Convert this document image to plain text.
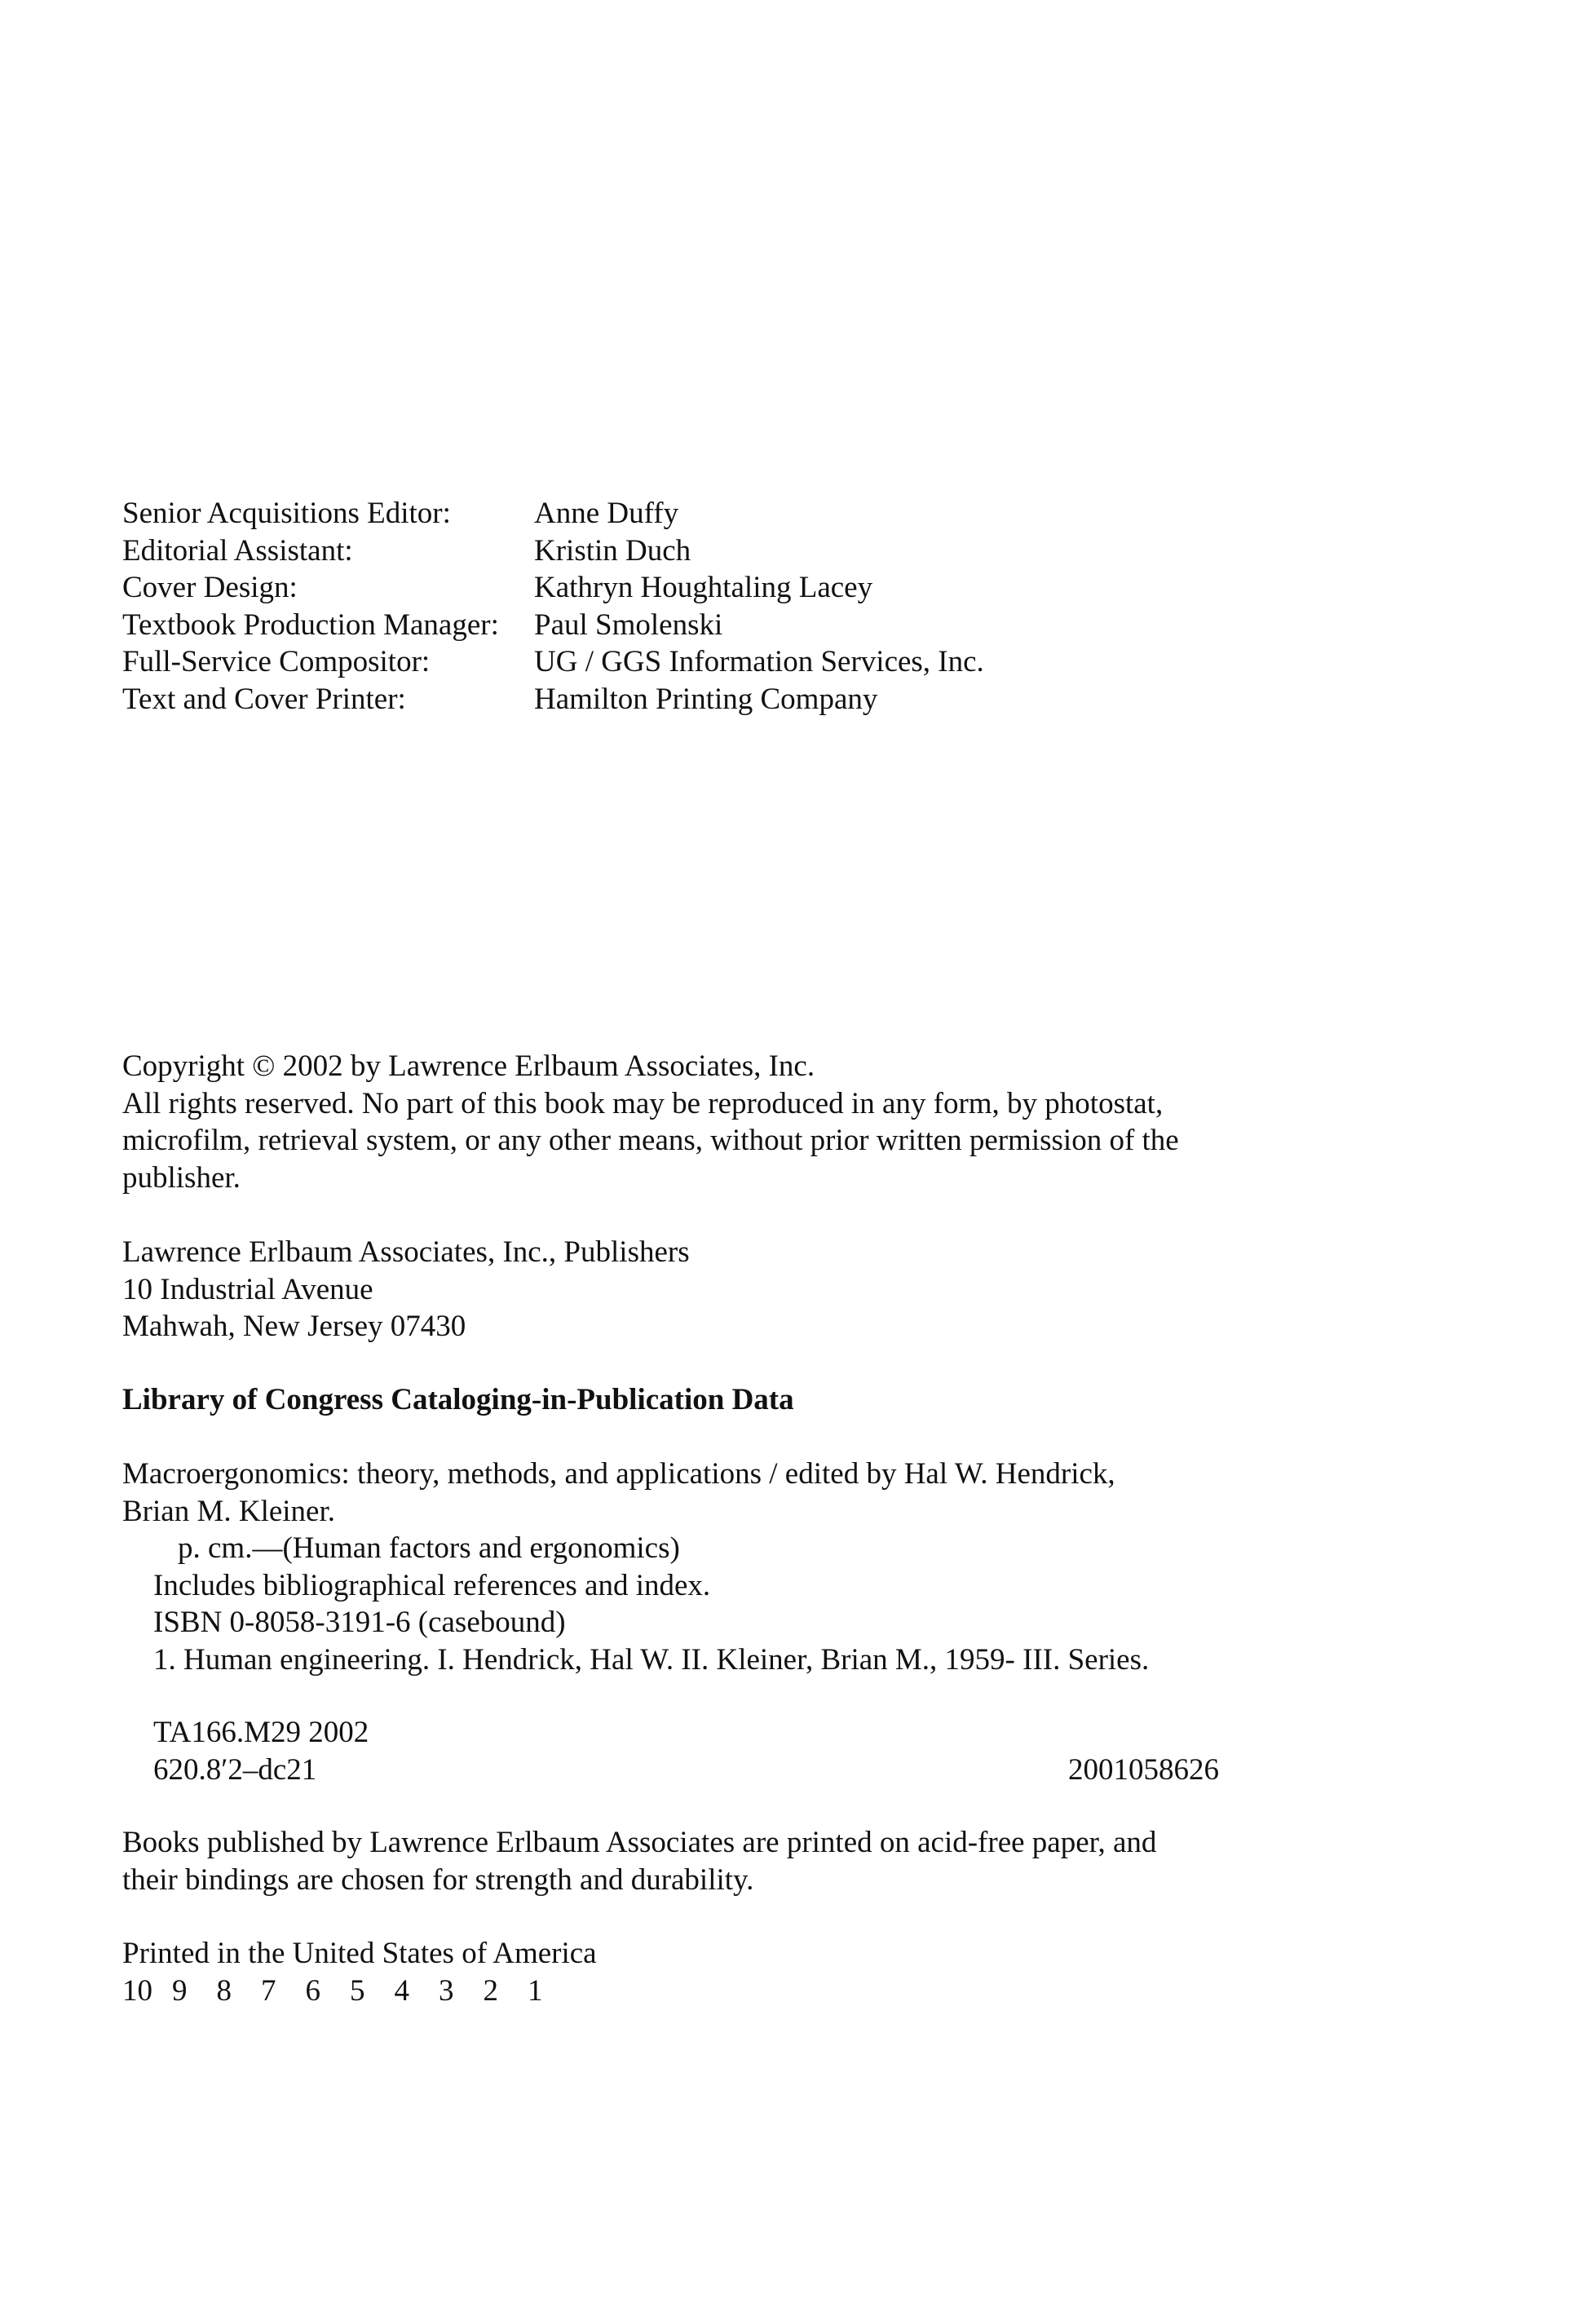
Senior Acquisitions Editor:	Anne Duffy
Editorial Assistant:	Kristin Duch
Cover Design:	Kathryn Houghtaling Lacey
Textbook Production Manager:	Paul Smolenski
Full-Service Compositor:	UG / GGS Information Services, Inc.
Text and Cover Printer:	Hamilton Printing Company
Copyright © 2002 by Lawrence Erlbaum Associates, Inc.
All rights reserved. No part of this book may be reproduced in any form, by photostat,
microfilm, retrieval system, or any other means, without prior written permission of the
publisher.
Lawrence Erlbaum Associates, Inc., Publishers
10 Industrial Avenue
Mahwah, New Jersey 07430
Library of Congress Cataloging-in-Publication Data
Macroergonomics: theory, methods, and applications / edited by Hal W. Hendrick,
Brian M. Kleiner.
p. cm.—(Human factors and ergonomics)
Includes bibliographical references and index.
ISBN 0-8058-3191-6 (casebound)
1. Human engineering. I. Hendrick, Hal W. II. Kleiner, Brian M., 1959- III. Series.
TA166.M29 2002
620.8′2–dc21	2001058626
Books published by Lawrence Erlbaum Associates are printed on acid-free paper, and
their bindings are chosen for strength and durability.
Printed in the United States of America
10 9 8 7 6 5 4 3 2 1
